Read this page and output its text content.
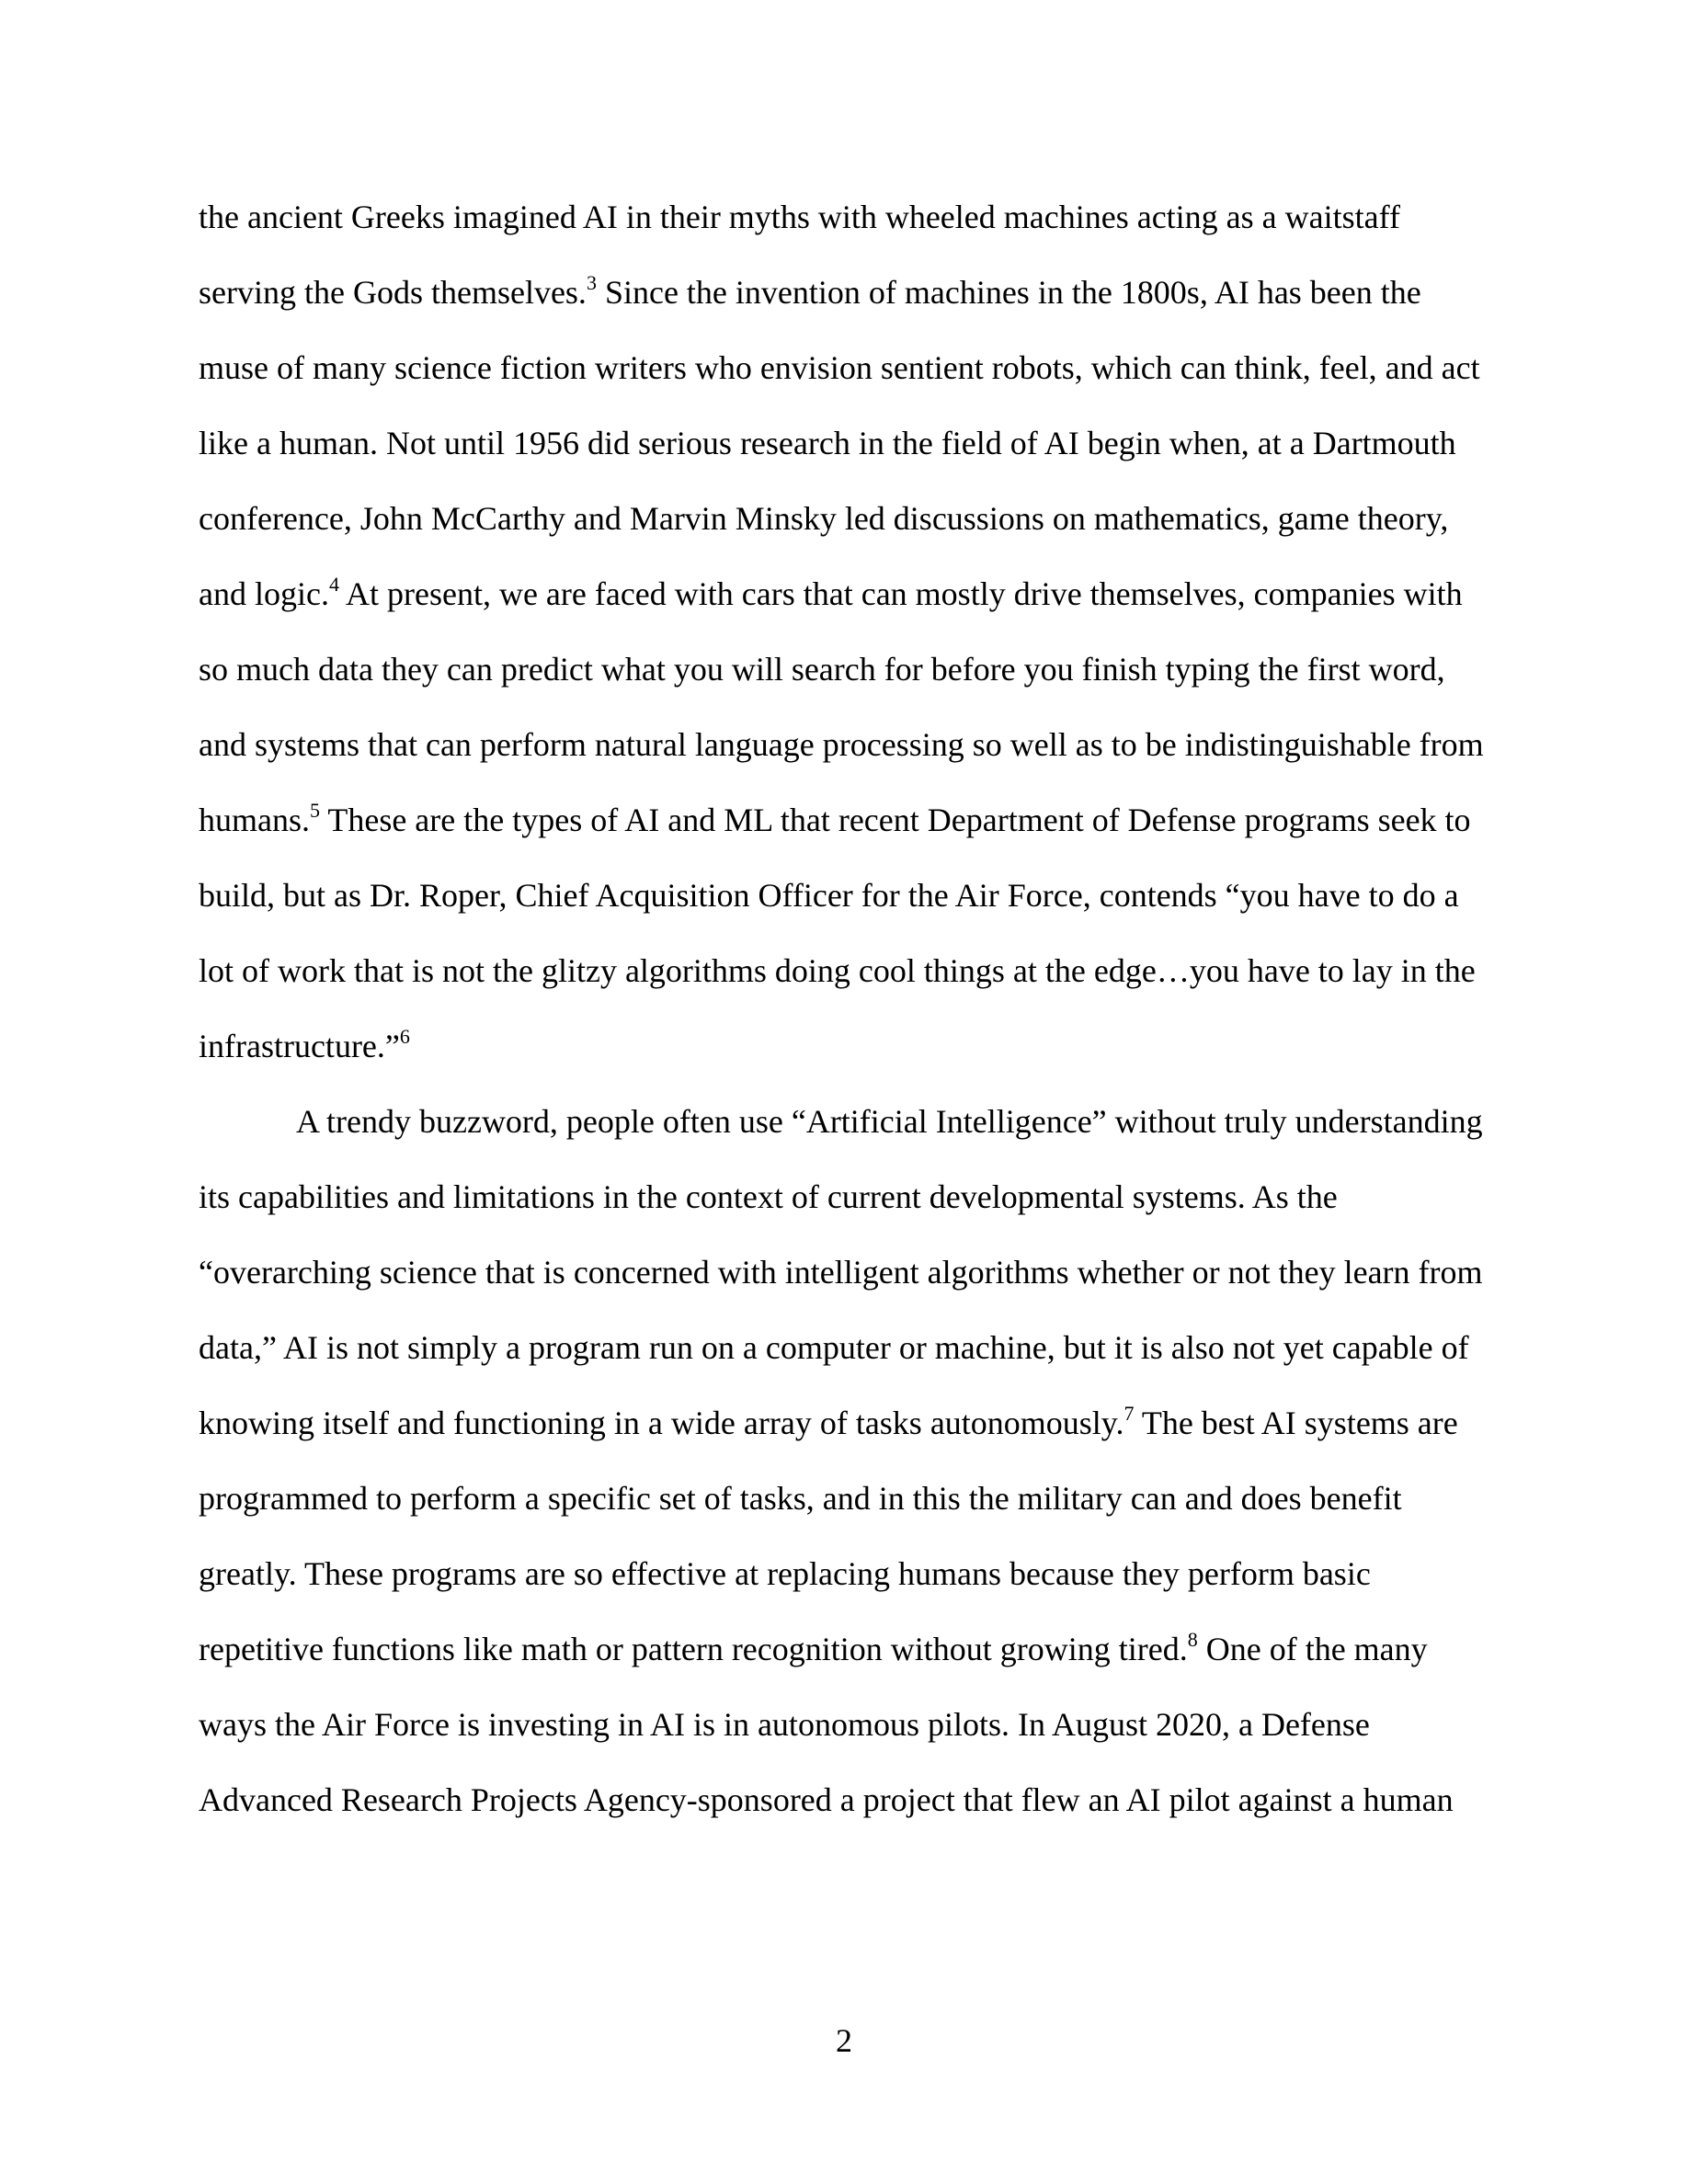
the ancient Greeks imagined AI in their myths with wheeled machines acting as a waitstaff
serving the Gods themselves.$^3$ Since the invention of machines in the 1800s, AI has been the
muse of many science fiction writers who envision sentient robots, which can think, feel, and act
like a human. Not until 1956 did serious research in the field of AI begin when, at a Dartmouth
conference, John McCarthy and Marvin Minsky led discussions on mathematics, game theory,
and logic.$^4$ At present, we are faced with cars that can mostly drive themselves, companies with
so much data they can predict what you will search for before you finish typing the first word,
and systems that can perform natural language processing so well as to be indistinguishable from
humans.$^5$ These are the types of AI and ML that recent Department of Defense programs seek to
build, but as Dr. Roper, Chief Acquisition Officer for the Air Force, contends “you have to do a
lot of work that is not the glitzy algorithms doing cool things at the edge…you have to lay in the
infrastructure.”$^6$
A trendy buzzword, people often use “Artificial Intelligence” without truly understanding
its capabilities and limitations in the context of current developmental systems. As the
“overarching science that is concerned with intelligent algorithms whether or not they learn from
data,” AI is not simply a program run on a computer or machine, but it is also not yet capable of
knowing itself and functioning in a wide array of tasks autonomously.$^7$ The best AI systems are
programmed to perform a specific set of tasks, and in this the military can and does benefit
greatly. These programs are so effective at replacing humans because they perform basic
repetitive functions like math or pattern recognition without growing tired.$^8$ One of the many
ways the Air Force is investing in AI is in autonomous pilots. In August 2020, a Defense
Advanced Research Projects Agency-sponsored a project that flew an AI pilot against a human
2
